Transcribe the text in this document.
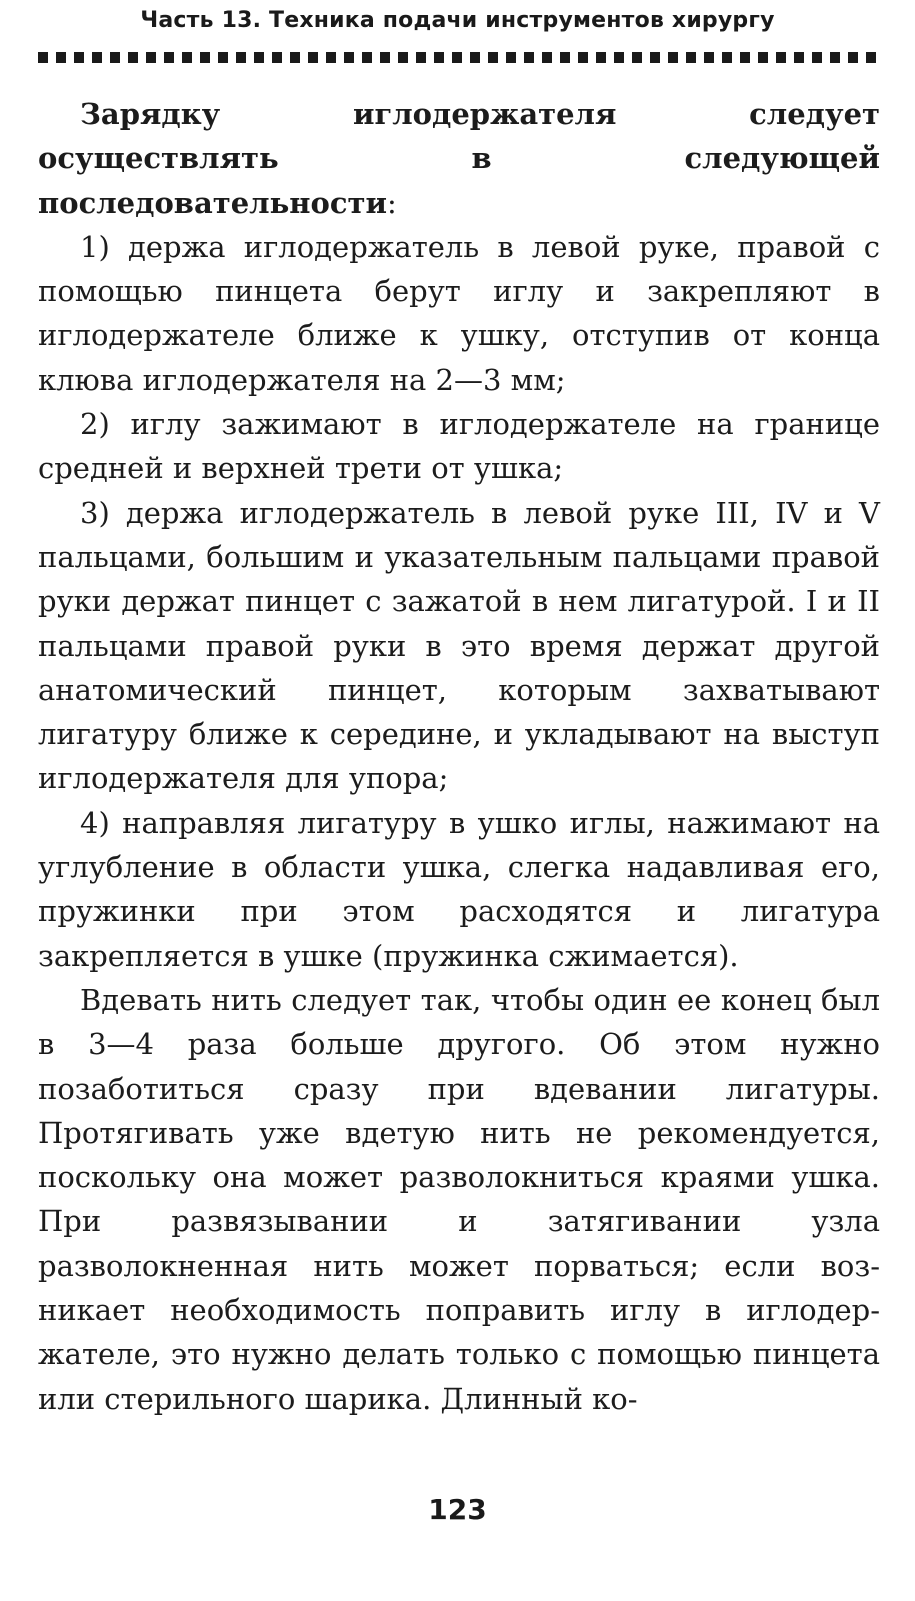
Часть 13. Техника подачи инструментов хирургу

Зарядку иглодержателя следует осуществлять в следующей последовательности:

1) держа иглодержатель в левой руке, правой с помощью пинцета берут иглу и закрепляют в иглодержателе ближе к ушку, отступив от конца клюва иглодержателя на 2—3 мм;

2) иглу зажимают в иглодержателе на границе средней и верхней трети от ушка;

3) держа иглодержатель в левой руке III, IV и V пальцами, большим и указательным пальцами правой руки держат пинцет с зажатой в нем лигатурой. I и II пальцами правой руки в это время держат другой анатомический пинцет, которым захватывают лигатуру ближе к середине, и укладывают на выступ иглодержателя для упора;

4) направляя лигатуру в ушко иглы, нажимают на углубление в области ушка, слегка надавливая его, пружинки при этом расходятся и лигатура закрепляется в ушке (пружинка сжимается).

Вдевать нить следует так, чтобы один ее конец был в 3—4 раза больше другого. Об этом нужно позаботиться сразу при вдевании лигатуры. Протягивать уже вдетую нить не рекомендуется, поскольку она может разволокниться краями ушка. При развязывании и затягивании узла разволокненная нить может порваться; если возникает необходимость поправить иглу в иглодержателе, это нужно делать только с помощью пинцета или стерильного шарика. Длинный ко-

123
